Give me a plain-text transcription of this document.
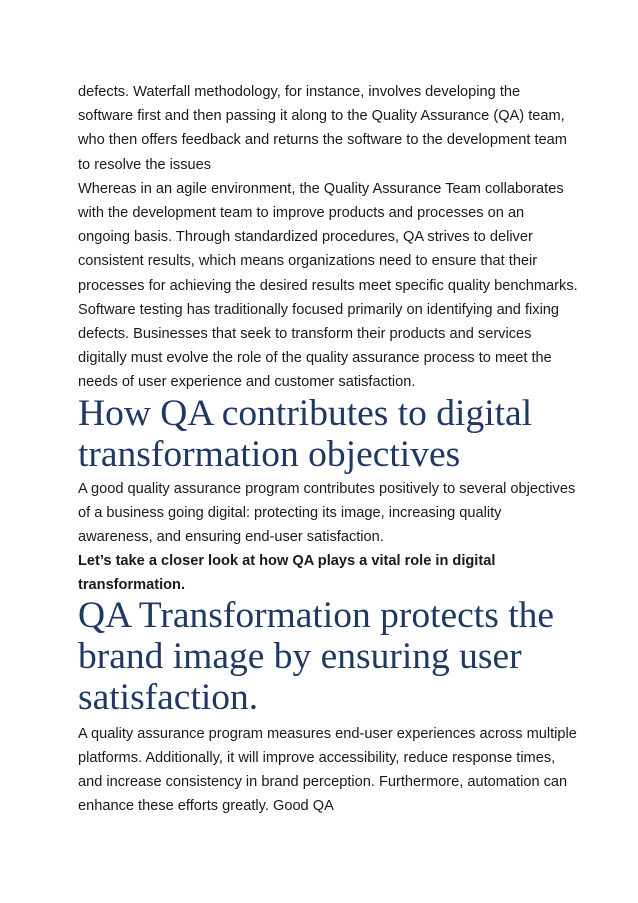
defects. Waterfall methodology, for instance, involves developing the software first and then passing it along to the Quality Assurance (QA) team, who then offers feedback and returns the software to the development team to resolve the issues

Whereas in an agile environment, the Quality Assurance Team collaborates with the development team to improve products and processes on an ongoing basis. Through standardized procedures, QA strives to deliver consistent results, which means organizations need to ensure that their processes for achieving the desired results meet specific quality benchmarks. Software testing has traditionally focused primarily on identifying and fixing defects. Businesses that seek to transform their products and services digitally must evolve the role of the quality assurance process to meet the needs of user experience and customer satisfaction.

How QA contributes to digital transformation objectives

A good quality assurance program contributes positively to several objectives of a business going digital: protecting its image, increasing quality awareness, and ensuring end-user satisfaction.

Let’s take a closer look at how QA plays a vital role in digital transformation.

QA Transformation protects the brand image by ensuring user satisfaction.

A quality assurance program measures end-user experiences across multiple platforms. Additionally, it will improve accessibility, reduce response times, and increase consistency in brand perception. Furthermore, automation can enhance these efforts greatly. Good QA
